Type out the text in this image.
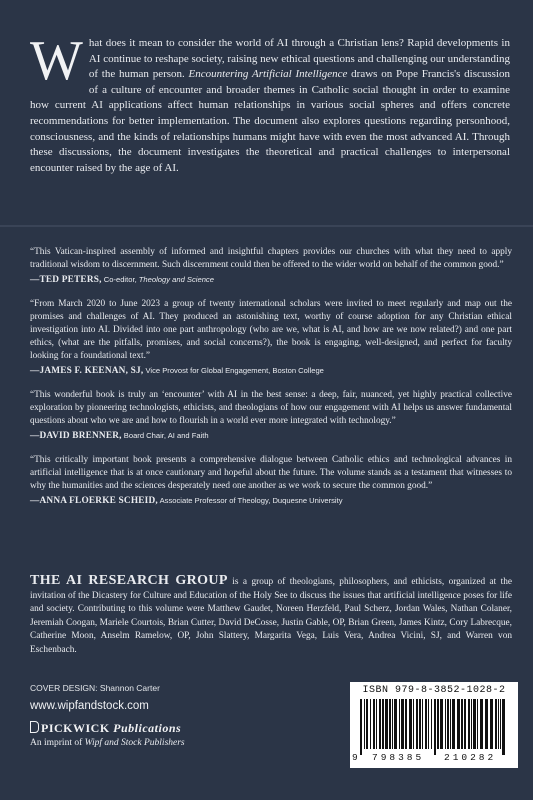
What does it mean to consider the world of AI through a Christian lens? Rapid developments in AI continue to reshape society, raising new ethical questions and challenging our understanding of the human person. Encountering Artificial Intelligence draws on Pope Francis's discussion of a culture of encounter and broader themes in Catholic social thought in order to examine how current AI applications affect human relationships in various social spheres and offers concrete recommendations for better implementation. The document also explores questions regarding personhood, consciousness, and the kinds of relationships humans might have with even the most advanced AI. Through these discussions, the document investigates the theoretical and practical challenges to interpersonal encounter raised by the age of AI.
“This Vatican-inspired assembly of informed and insightful chapters provides our churches with what they need to apply traditional wisdom to discernment. Such discernment could then be offered to the wider world on behalf of the common good.”
—TED PETERS, Co-editor, Theology and Science
“From March 2020 to June 2023 a group of twenty international scholars were invited to meet regularly and map out the promises and challenges of AI. They produced an astonishing text, worthy of course adoption for any Christian ethical investigation into AI. Divided into one part anthropology (who are we, what is AI, and how are we now related?) and one part ethics, (what are the pitfalls, promises, and social concerns?), the book is engaging, well-designed, and perfect for faculty looking for a foundational text.”
—JAMES F. KEENAN, SJ, Vice Provost for Global Engagement, Boston College
“This wonderful book is truly an ‘encounter’ with AI in the best sense: a deep, fair, nuanced, yet highly practical collective exploration by pioneering technologists, ethicists, and theologians of how our engagement with AI helps us answer fundamental questions about who we are and how to flourish in a world ever more integrated with technology.”
—DAVID BRENNER, Board Chair, AI and Faith
“This critically important book presents a comprehensive dialogue between Catholic ethics and technological advances in artificial intelligence that is at once cautionary and hopeful about the future. The volume stands as a testament that witnesses to why the humanities and the sciences desperately need one another as we work to secure the common good.”
—ANNA FLOERKE SCHEID, Associate Professor of Theology, Duquesne University
THE AI RESEARCH GROUP is a group of theologians, philosophers, and ethicists, organized at the invitation of the Dicastery for Culture and Education of the Holy See to discuss the issues that artificial intelligence poses for life and society. Contributing to this volume were Matthew Gaudet, Noreen Herzfeld, Paul Scherz, Jordan Wales, Nathan Colaner, Jeremiah Coogan, Mariele Courtois, Brian Cutter, David DeCosse, Justin Gable, OP, Brian Green, James Kintz, Cory Labrecque, Catherine Moon, Anselm Ramelow, OP, John Slattery, Margarita Vega, Luis Vera, Andrea Vicini, SJ, and Warren von Eschenbach.
COVER DESIGN: Shannon Carter
www.wipfandstock.com
PICKWICK Publications
An imprint of Wipf and Stock Publishers
ISBN 979-8-3852-1028-2
9 798385 210282
